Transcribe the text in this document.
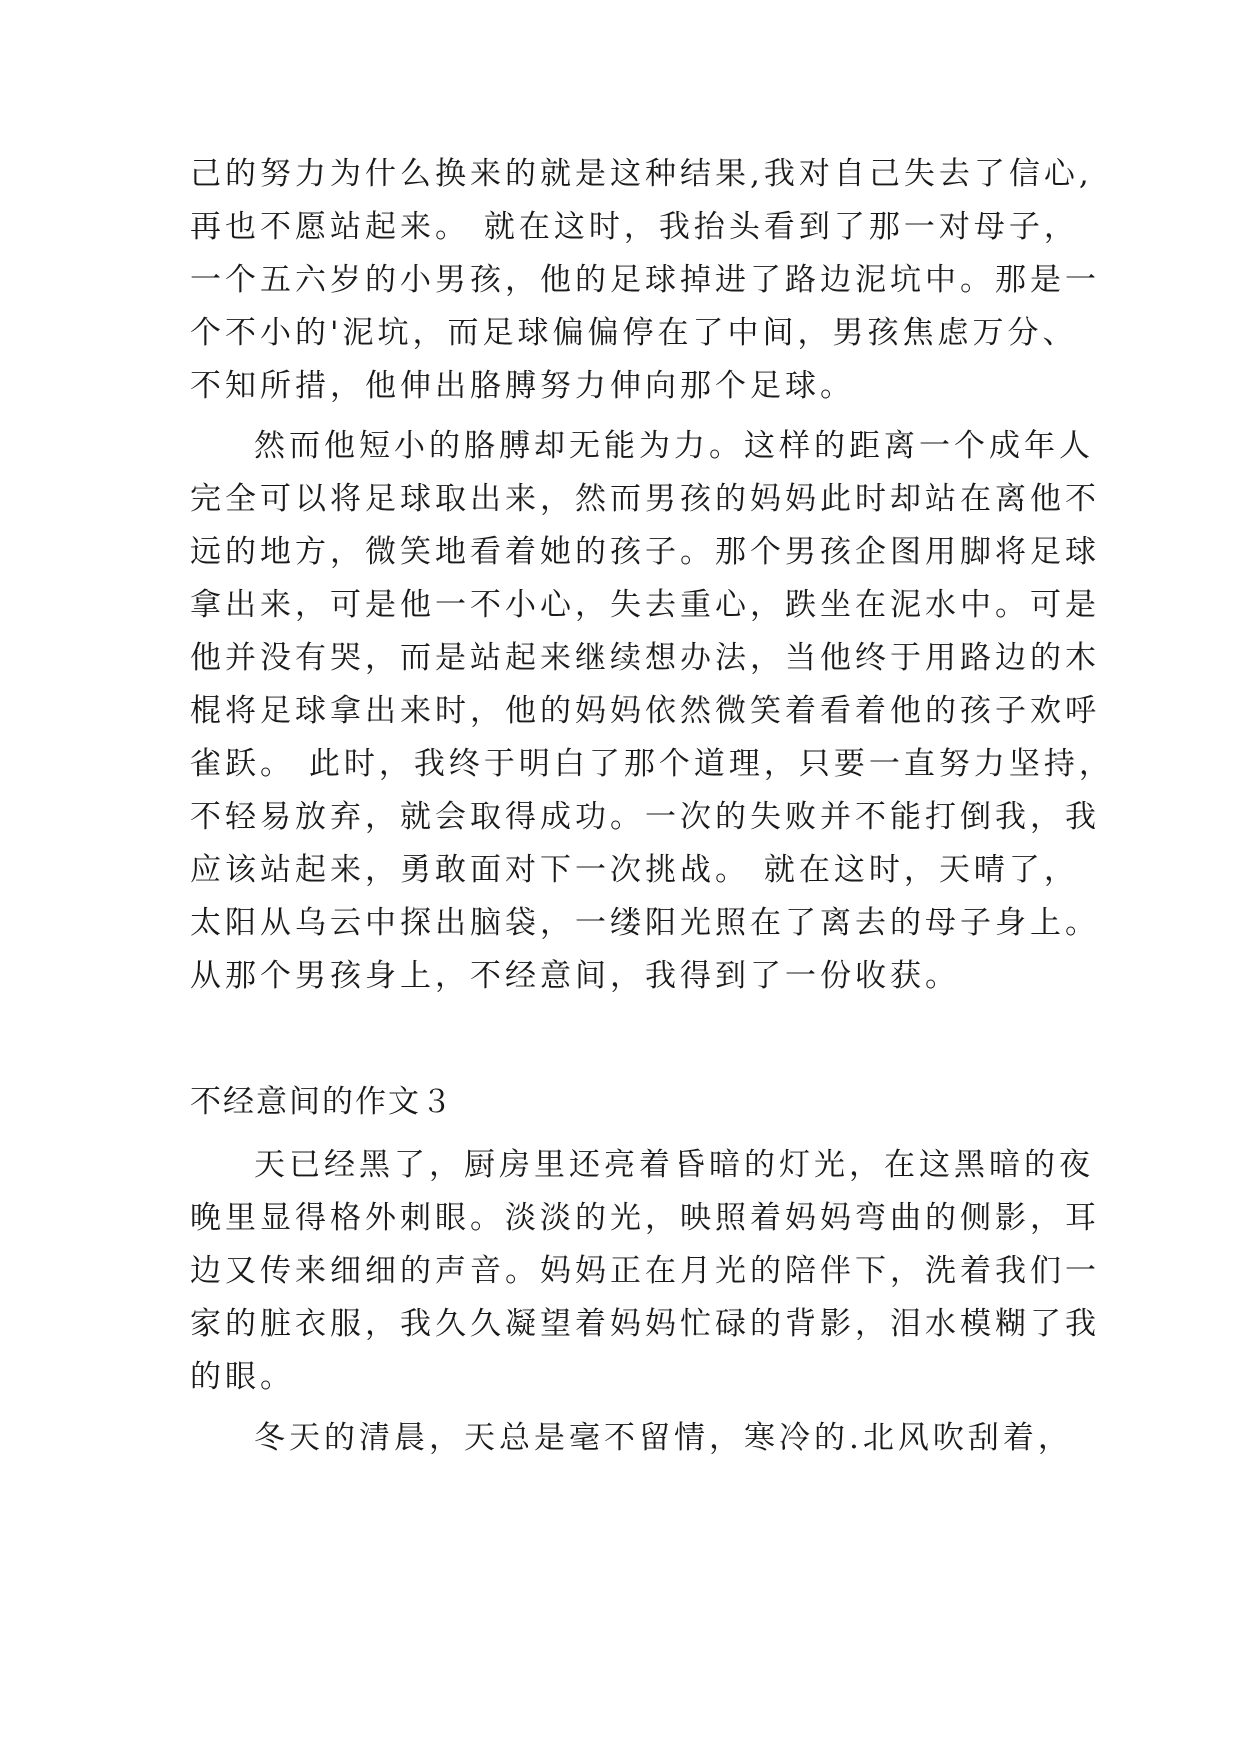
己的努力为什么换来的就是这种结果,我对自己失去了信心,
再也不愿站起来。 就在这时，我抬头看到了那一对母子，
一个五六岁的小男孩，他的足球掉进了路边泥坑中。那是一
个不小的'泥坑，而足球偏偏停在了中间，男孩焦虑万分、
不知所措，他伸出胳膊努力伸向那个足球。
然而他短小的胳膊却无能为力。这样的距离一个成年人
完全可以将足球取出来，然而男孩的妈妈此时却站在离他不
远的地方，微笑地看着她的孩子。那个男孩企图用脚将足球
拿出来，可是他一不小心，失去重心，跌坐在泥水中。可是
他并没有哭，而是站起来继续想办法，当他终于用路边的木
棍将足球拿出来时，他的妈妈依然微笑着看着他的孩子欢呼
雀跃。 此时，我终于明白了那个道理，只要一直努力坚持，
不轻易放弃，就会取得成功。一次的失败并不能打倒我，我
应该站起来，勇敢面对下一次挑战。 就在这时，天晴了，
太阳从乌云中探出脑袋，一缕阳光照在了离去的母子身上。
从那个男孩身上，不经意间，我得到了一份收获。
不经意间的作文３
天已经黑了，厨房里还亮着昏暗的灯光，在这黑暗的夜
晚里显得格外刺眼。淡淡的光，映照着妈妈弯曲的侧影，耳
边又传来细细的声音。妈妈正在月光的陪伴下，洗着我们一
家的脏衣服，我久久凝望着妈妈忙碌的背影，泪水模糊了我
的眼。
冬天的清晨，天总是毫不留情，寒冷的.北风吹刮着，
